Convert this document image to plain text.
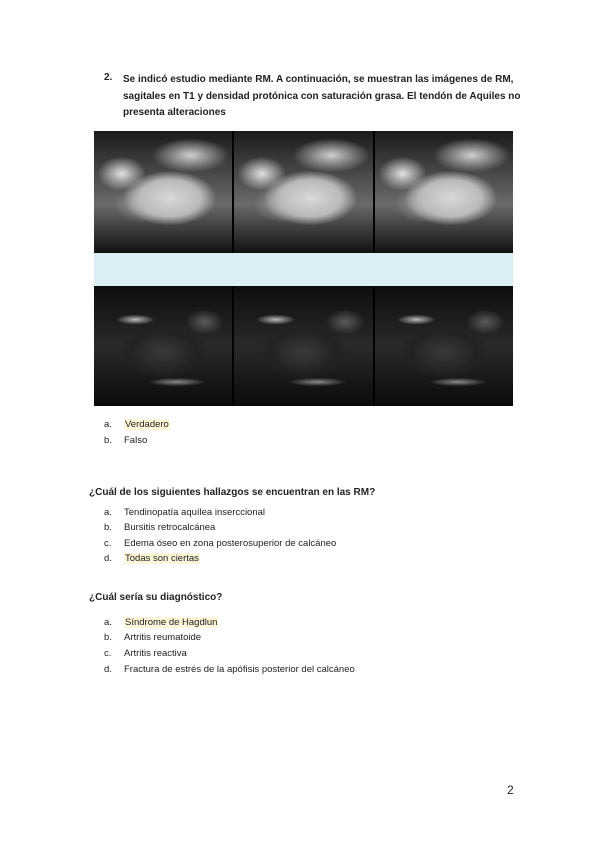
2. Se indicó estudio mediante RM. A continuación, se muestran las imágenes de RM, sagitales en T1 y densidad protónica con saturación grasa. El tendón de Aquiles no presenta alteraciones
a. Verdadero
b. Falso
¿Cuál de los siguientes hallazgos se encuentran en las RM?
a. Tendinopatía aquílea inserccional
b. Bursitis retrocalcánea
c. Edema óseo en zona posterosuperior de calcáneo
d. Todas son ciertas
¿Cuál sería su diagnóstico?
a. Síndrome de Hagdlun
b. Artritis reumatoide
c. Artritis reactiva
d. Fractura de estrés de la apófisis posterior del calcáneo
2
